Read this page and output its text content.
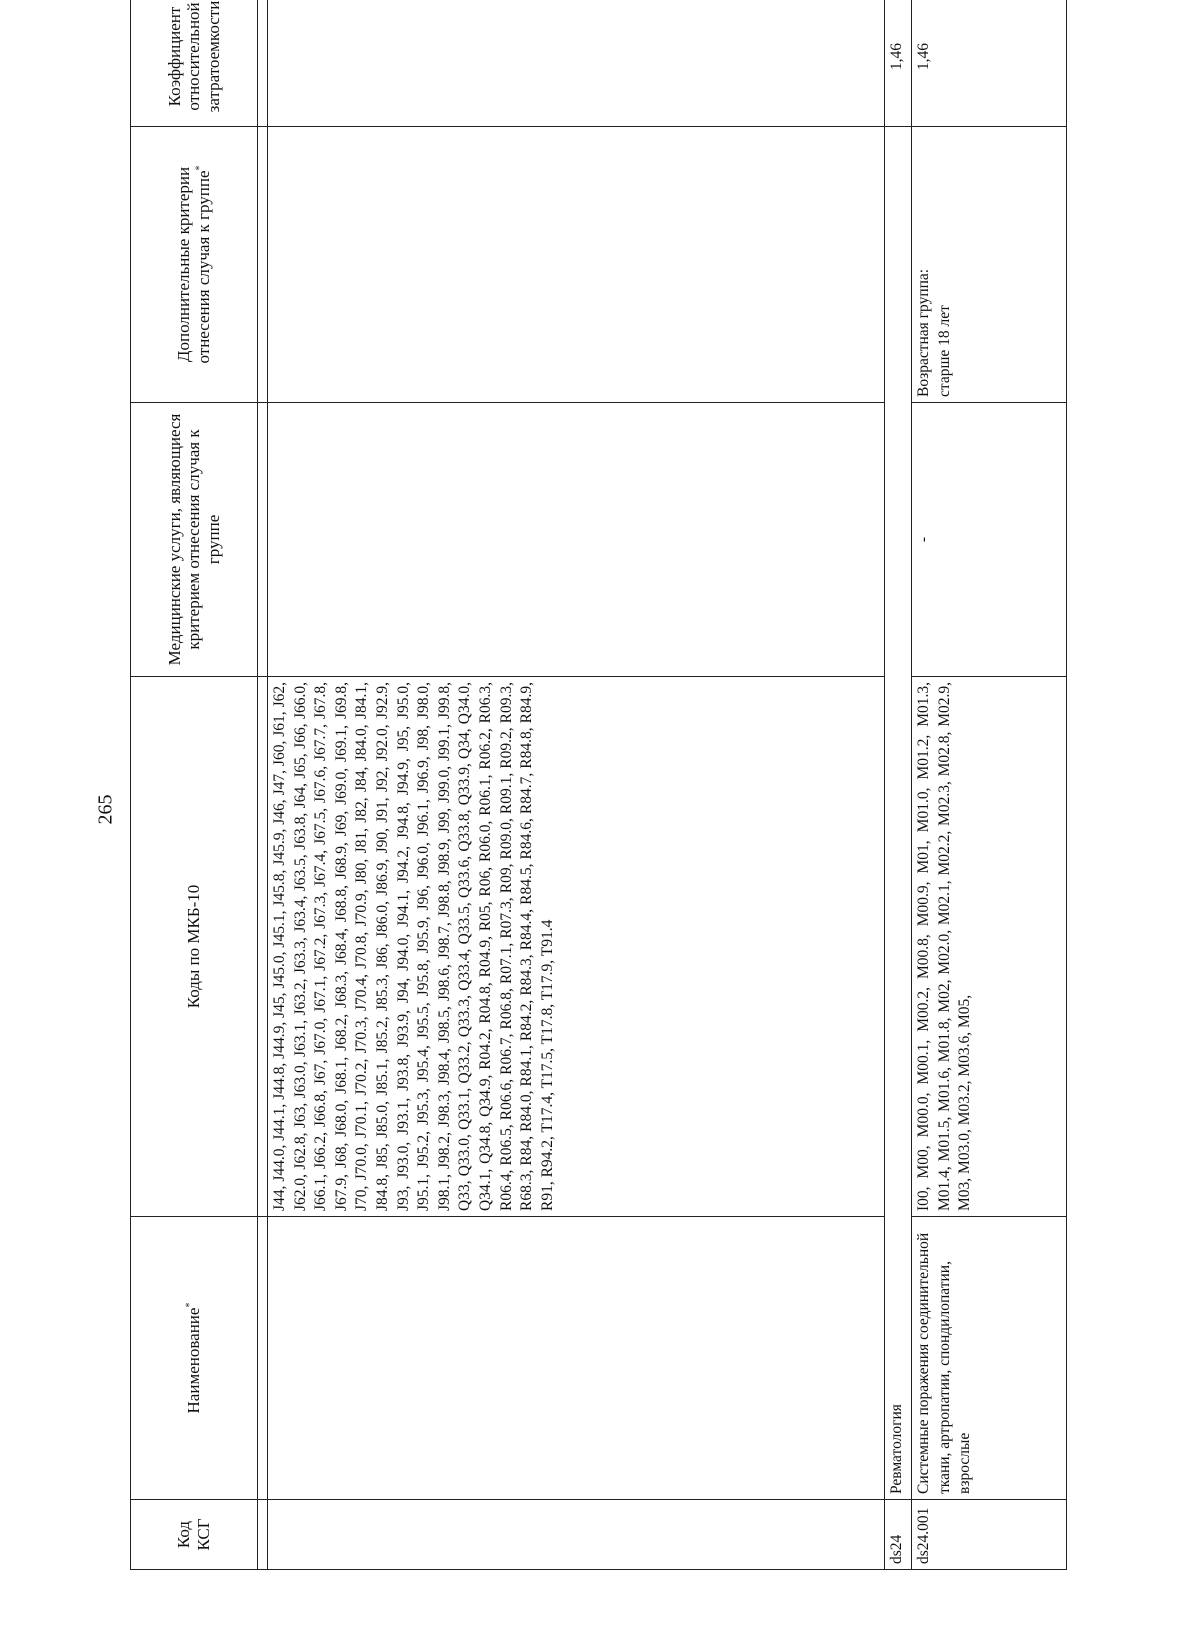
265
Код КСГ	Наименование*	Коды по МКБ-10	Медицинские услуги, являющиеся критерием отнесения случая к группе	Дополнительные критерии отнесения случая к группе*	Коэффициент относительной затратоемкости

		J44, J44.0, J44.1, J44.8, J44.9, J45, J45.0, J45.1, J45.8, J45.9, J46, J47, J60, J61, J62, J62.0, J62.8, J63, J63.0, J63.1, J63.2, J63.3, J63.4, J63.5, J63.8, J64, J65, J66, J66.0, J66.1, J66.2, J66.8, J67, J67.0, J67.1, J67.2, J67.3, J67.4, J67.5, J67.6, J67.7, J67.8, J67.9, J68, J68.0, J68.1, J68.2, J68.3, J68.4, J68.8, J68.9, J69, J69.0, J69.1, J69.8, J70, J70.0, J70.1, J70.2, J70.3, J70.4, J70.8, J70.9, J80, J81, J82, J84, J84.0, J84.1, J84.8, J85, J85.0, J85.1, J85.2, J85.3, J86, J86.0, J86.9, J90, J91, J92, J92.0, J92.9, J93, J93.0, J93.1, J93.8, J93.9, J94, J94.0, J94.1, J94.2, J94.8, J94.9, J95, J95.0, J95.1, J95.2, J95.3, J95.4, J95.5, J95.8, J95.9, J96, J96.0, J96.1, J96.9, J98, J98.0, J98.1, J98.2, J98.3, J98.4, J98.5, J98.6, J98.7, J98.8, J98.9, J99, J99.0, J99.1, J99.8, Q33, Q33.0, Q33.1, Q33.2, Q33.3, Q33.4, Q33.5, Q33.6, Q33.8, Q33.9, Q34, Q34.0, Q34.1, Q34.8, Q34.9, R04.2, R04.8, R04.9, R05, R06, R06.0, R06.1, R06.2, R06.3, R06.4, R06.5, R06.6, R06.7, R06.8, R07.1, R07.3, R09, R09.0, R09.1, R09.2, R09.3, R68.3, R84, R84.0, R84.1, R84.2, R84.3, R84.4, R84.5, R84.6, R84.7, R84.8, R84.9, R91, R94.2, T17.4, T17.5, T17.8, T17.9, T91.4			
ds24	Ревматология				1,46
ds24.001	Системные поражения соединительной ткани, артропатии, спондилопатии, взрослые	I00, M00, M00.0, M00.1, M00.2, M00.8, M00.9, M01, M01.0, M01.2, M01.3, M01.4, M01.5, M01.6, M01.8, M02, M02.0, M02.1, M02.2, M02.3, M02.8, M02.9, M03, M03.0, M03.2, M03.6, M05,	-	Возрастная группа: старше 18 лет	1,46
